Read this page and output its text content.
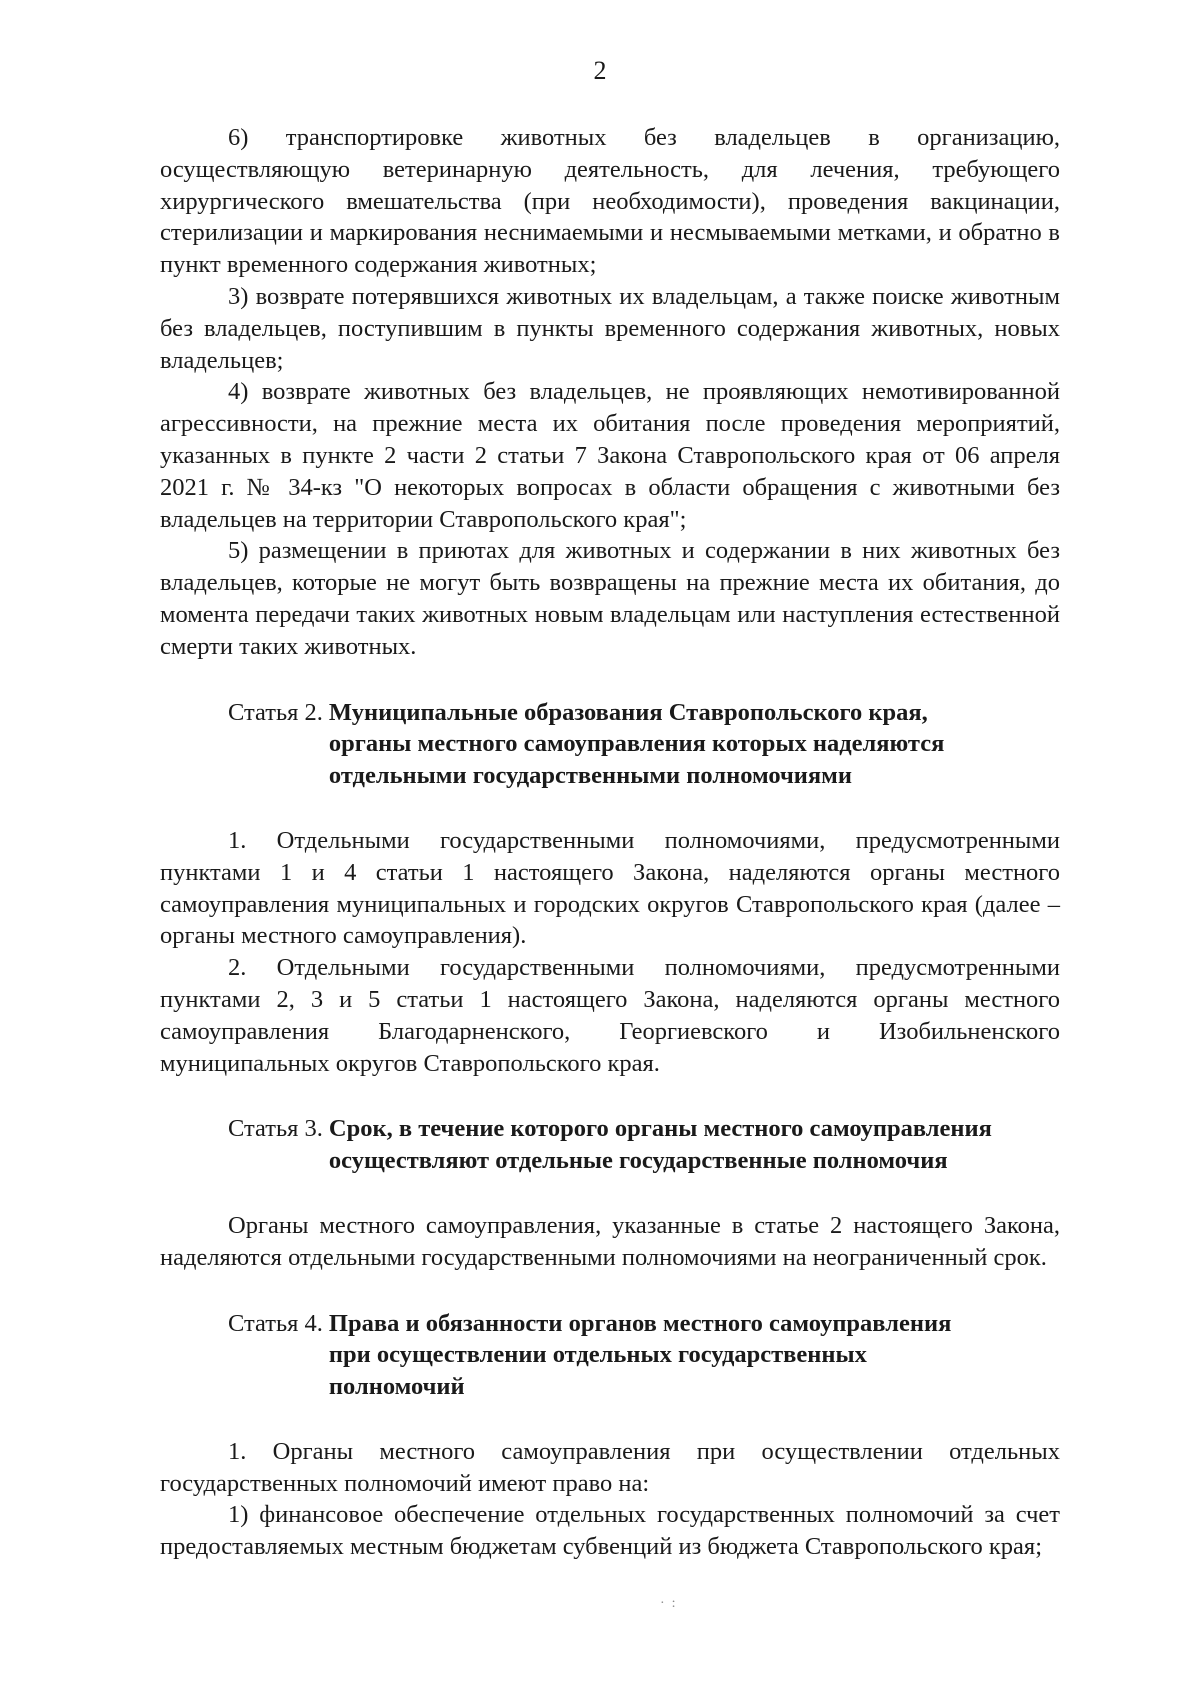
2

6) транспортировке животных без владельцев в организацию, осуществляющую ветеринарную деятельность, для лечения, требующего хирургического вмешательства (при необходимости), проведения вакцинации, стерилизации и маркирования неснимаемыми и несмываемыми метками, и обратно в пункт временного содержания животных;

3) возврате потерявшихся животных их владельцам, а также поиске животным без владельцев, поступившим в пункты временного содержания животных, новых владельцев;

4) возврате животных без владельцев, не проявляющих немотивированной агрессивности, на прежние места их обитания после проведения мероприятий, указанных в пункте 2 части 2 статьи 7 Закона Ставропольского края от 06 апреля 2021 г. № 34-кз "О некоторых вопросах в области обращения с животными без владельцев на территории Ставропольского края";

5) размещении в приютах для животных и содержании в них животных без владельцев, которые не могут быть возвращены на прежние места их обитания, до момента передачи таких животных новым владельцам или наступления естественной смерти таких животных.

Статья 2. Муниципальные образования Ставропольского края,
органы местного самоуправления которых наделяются
отдельными государственными полномочиями

1. Отдельными государственными полномочиями, предусмотренными пунктами 1 и 4 статьи 1 настоящего Закона, наделяются органы местного самоуправления муниципальных и городских округов Ставропольского края (далее – органы местного самоуправления).

2. Отдельными государственными полномочиями, предусмотренными пунктами 2, 3 и 5 статьи 1 настоящего Закона, наделяются органы местного самоуправления Благодарненского, Георгиевского и Изобильненского муниципальных округов Ставропольского края.

Статья 3. Срок, в течение которого органы местного самоуправления
осуществляют отдельные государственные полномочия

Органы местного самоуправления, указанные в статье 2 настоящего Закона, наделяются отдельными государственными полномочиями на неограниченный срок.

Статья 4. Права и обязанности органов местного самоуправления
при осуществлении отдельных государственных
полномочий

1. Органы местного самоуправления при осуществлении отдельных государственных полномочий имеют право на:

1) финансовое обеспечение отдельных государственных полномочий за счет предоставляемых местным бюджетам субвенций из бюджета Ставропольского края;

·  :
